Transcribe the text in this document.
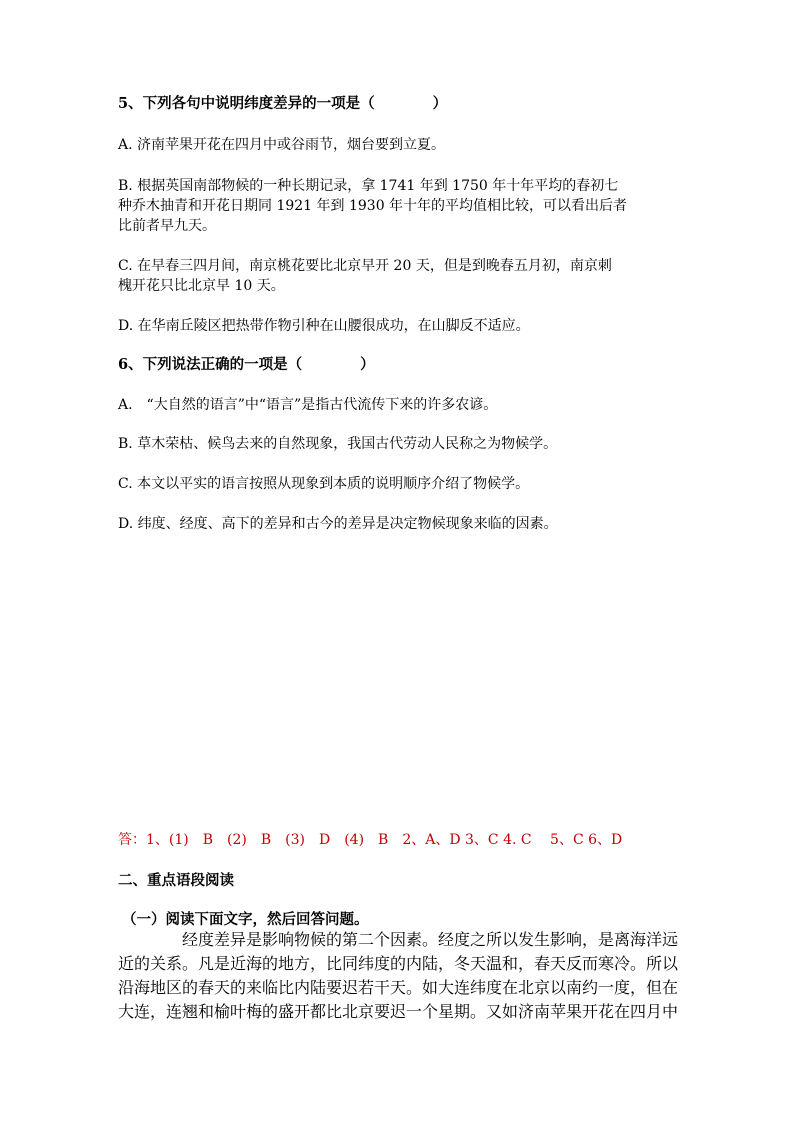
5、下列各句中说明纬度差异的一项是（　　　　）
A. 济南苹果开花在四月中或谷雨节，烟台要到立夏。
B. 根据英国南部物候的一种长期记录，拿 1741 年到 1750 年十年平均的春初七
种乔木抽青和开花日期同 1921 年到 1930 年十年的平均值相比较，可以看出后者
比前者早九天。
C. 在早春三四月间，南京桃花要比北京早开 20 天，但是到晚春五月初，南京刺
槐开花只比北京早 10 天。
D. 在华南丘陵区把热带作物引种在山腰很成功，在山脚反不适应。
6、下列说法正确的一项是（　　　　）
A.　“大自然的语言”中“语言”是指古代流传下来的许多农谚。
B. 草木荣枯、候鸟去来的自然现象，我国古代劳动人民称之为物候学。
C. 本文以平实的语言按照从现象到本质的说明顺序介绍了物候学。
D. 纬度、经度、高下的差异和古今的差异是决定物候现象来临的因素。
答：1、(1)　B　(2)　B　(3)　D　(4)　B　2、A、D 3、C 4. C　 5、C 6、D
二、重点语段阅读
（一）阅读下面文字，然后回答问题。
　　　　经度差异是影响物候的第二个因素。经度之所以发生影响，是离海洋远
近的关系。凡是近海的地方，比同纬度的内陆，冬天温和，春天反而寒冷。所以
沿海地区的春天的来临比内陆要迟若干天。如大连纬度在北京以南约一度，但在
大连，连翘和榆叶梅的盛开都比北京要迟一个星期。又如济南苹果开花在四月中
